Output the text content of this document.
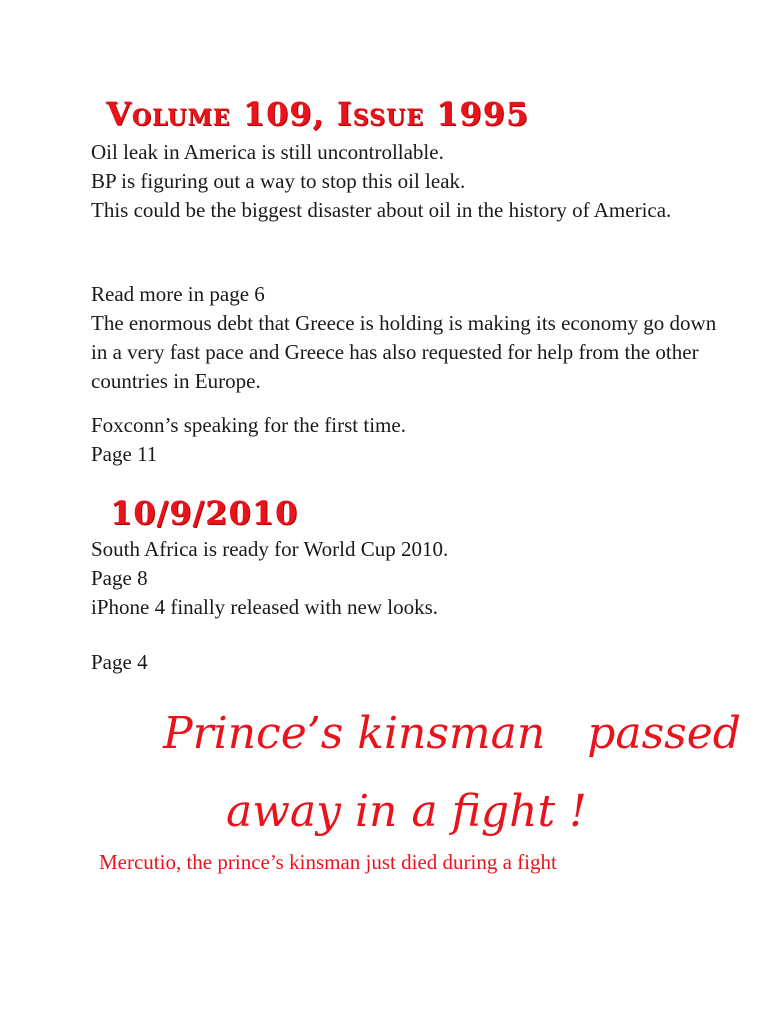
Volume 109, Issue 1995

Oil leak in America is still uncontrollable.

BP is figuring out a way to stop this oil leak.

This could be the biggest disaster about oil in the history of America.

Read more in page 6

The enormous debt that Greece is holding is making its economy go down in a very fast pace and Greece has also requested for help from the other countries in Europe.

Foxconn’s speaking for the first time.

Page 11

10/9/2010

South Africa is ready for World Cup 2010.

Page 8

iPhone 4 finally released with new looks.

Page 4

Prince’s kinsman   passed
away in a fight !
Mercutio, the prince’s kinsman just died during a fight
